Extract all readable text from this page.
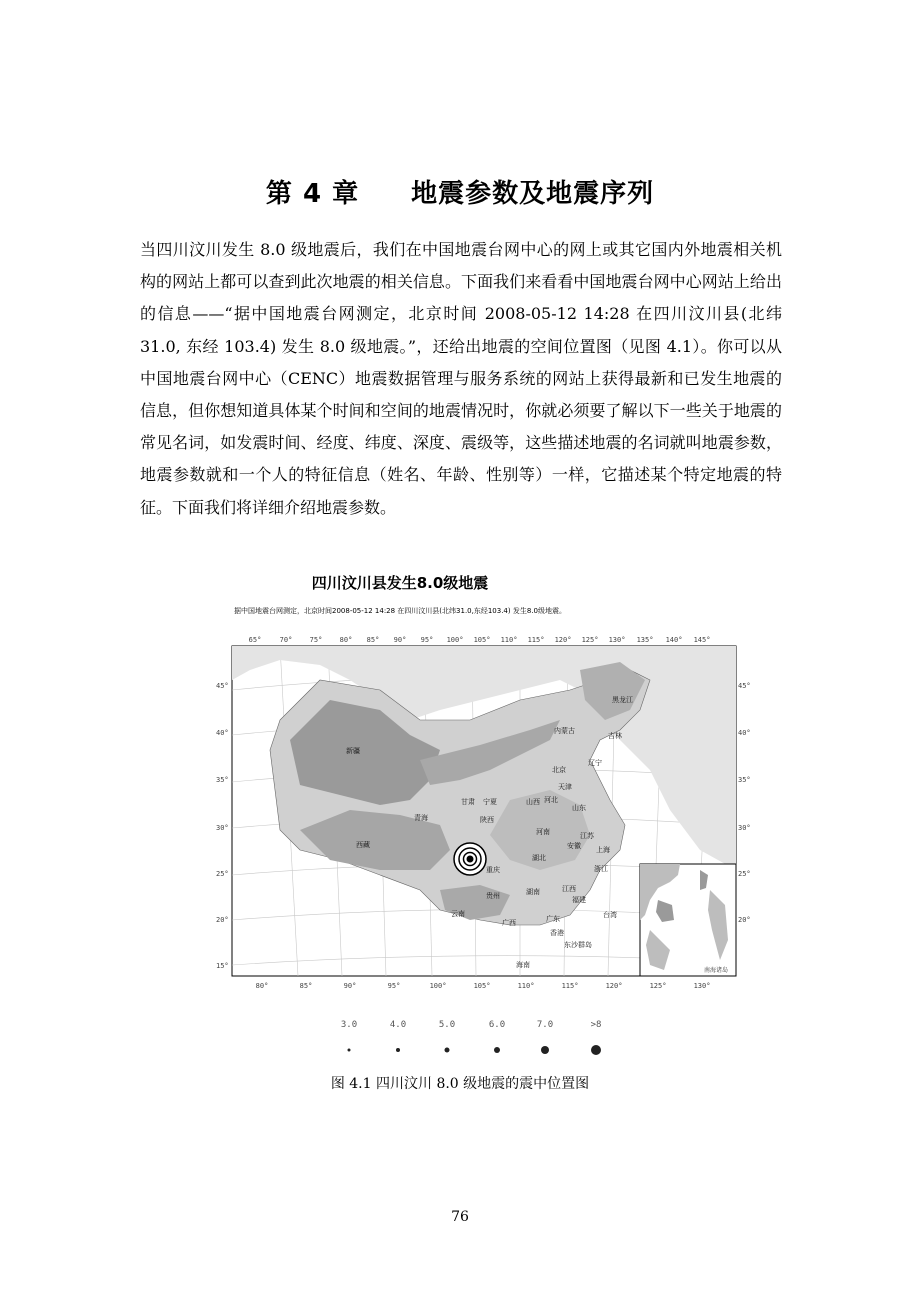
第 4 章 地震参数及地震序列

当四川汶川发生 8.0 级地震后，我们在中国地震台网中心的网上或其它国内外地震相关机构的网站上都可以查到此次地震的相关信息。下面我们来看看中国地震台网中心网站上给出的信息——“据中国地震台网测定，北京时间 2008-05-12 14:28 在四川汶川县(北纬 31.0, 东经 103.4) 发生 8.0 级地震。”，还给出地震的空间位置图（见图 4.1）。你可以从中国地震台网中心（CENC）地震数据管理与服务系统的网站上获得最新和已发生地震的信息，但你想知道具体某个时间和空间的地震情况时，你就必须要了解以下一些关于地震的常见名词，如发震时间、经度、纬度、深度、震级等，这些描述地震的名词就叫地震参数，地震参数就和一个人的特征信息（姓名、年龄、性别等）一样，它描述某个特定地震的特征。下面我们将详细介绍地震参数。

四川汶川县发生8.0级地震
据中国地震台网测定，北京时间2008-05-12 14:28 在四川汶川县(北纬31.0,东经103.4) 发生8.0级地震。
65°	70° 75° 80° 85° 90° 95° 100° 105° 110° 115° 120° 125° 130° 135° 140° 145°
80°	85°	90°	95°	100°	105°	110°	115°	120°	125°	130°
45°
40°
35°
30°
25°
20°
15°
45°
40°
35°
30°
25°
20°
黑龙江
吉林
内蒙古
辽宁
北京
天津
新疆
河北
山东
甘肃 宁夏	山西
青海	陕西
河南	江苏
西藏	安徽 上海
重庆
湖北
浙江
湖南	江西
贵州	福建
云南
广西	广东	台湾
香港
东沙群岛
海南
南海诸岛
3.0	4.0	5.0	6.0	7.0	>8
图 4.1 四川汶川 8.0 级地震的震中位置图
76
